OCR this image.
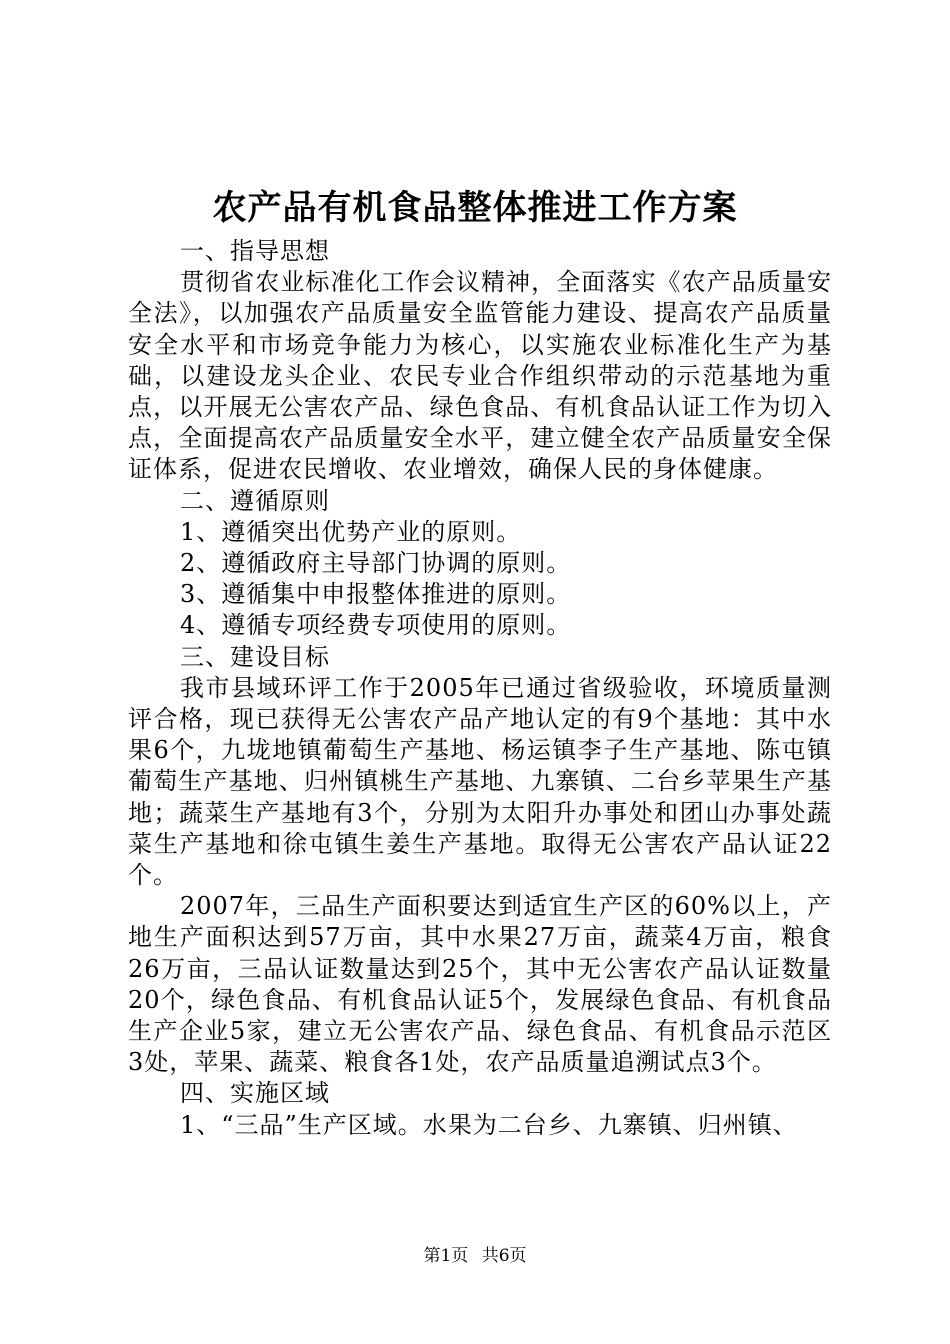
农产品有机食品整体推进工作方案

一、指导思想

贯彻省农业标准化工作会议精神，全面落实《农产品质量安全法》，以加强农产品质量安全监管能力建设、提高农产品质量安全水平和市场竞争能力为核心，以实施农业标准化生产为基础，以建设龙头企业、农民专业合作组织带动的示范基地为重点，以开展无公害农产品、绿色食品、有机食品认证工作为切入点，全面提高农产品质量安全水平，建立健全农产品质量安全保证体系，促进农民增收、农业增效，确保人民的身体健康。

二、遵循原则

1、遵循突出优势产业的原则。

2、遵循政府主导部门协调的原则。

3、遵循集中申报整体推进的原则。

4、遵循专项经费专项使用的原则。

三、建设目标

我市县域环评工作于2005年已通过省级验收，环境质量测评合格，现已获得无公害农产品产地认定的有9个基地：其中水果6个，九垅地镇葡萄生产基地、杨运镇李子生产基地、陈屯镇葡萄生产基地、归州镇桃生产基地、九寨镇、二台乡苹果生产基地；蔬菜生产基地有3个，分别为太阳升办事处和团山办事处蔬菜生产基地和徐屯镇生姜生产基地。取得无公害农产品认证22个。

2007年，三品生产面积要达到适宜生产区的60%以上，产地生产面积达到57万亩，其中水果27万亩，蔬菜4万亩，粮食26万亩，三品认证数量达到25个，其中无公害农产品认证数量20个，绿色食品、有机食品认证5个，发展绿色食品、有机食品生产企业5家，建立无公害农产品、绿色食品、有机食品示范区3处，苹果、蔬菜、粮食各1处，农产品质量追溯试点3个。

四、实施区域

1、“三品”生产区域。水果为二台乡、九寨镇、归州镇、

第1页 共6页
